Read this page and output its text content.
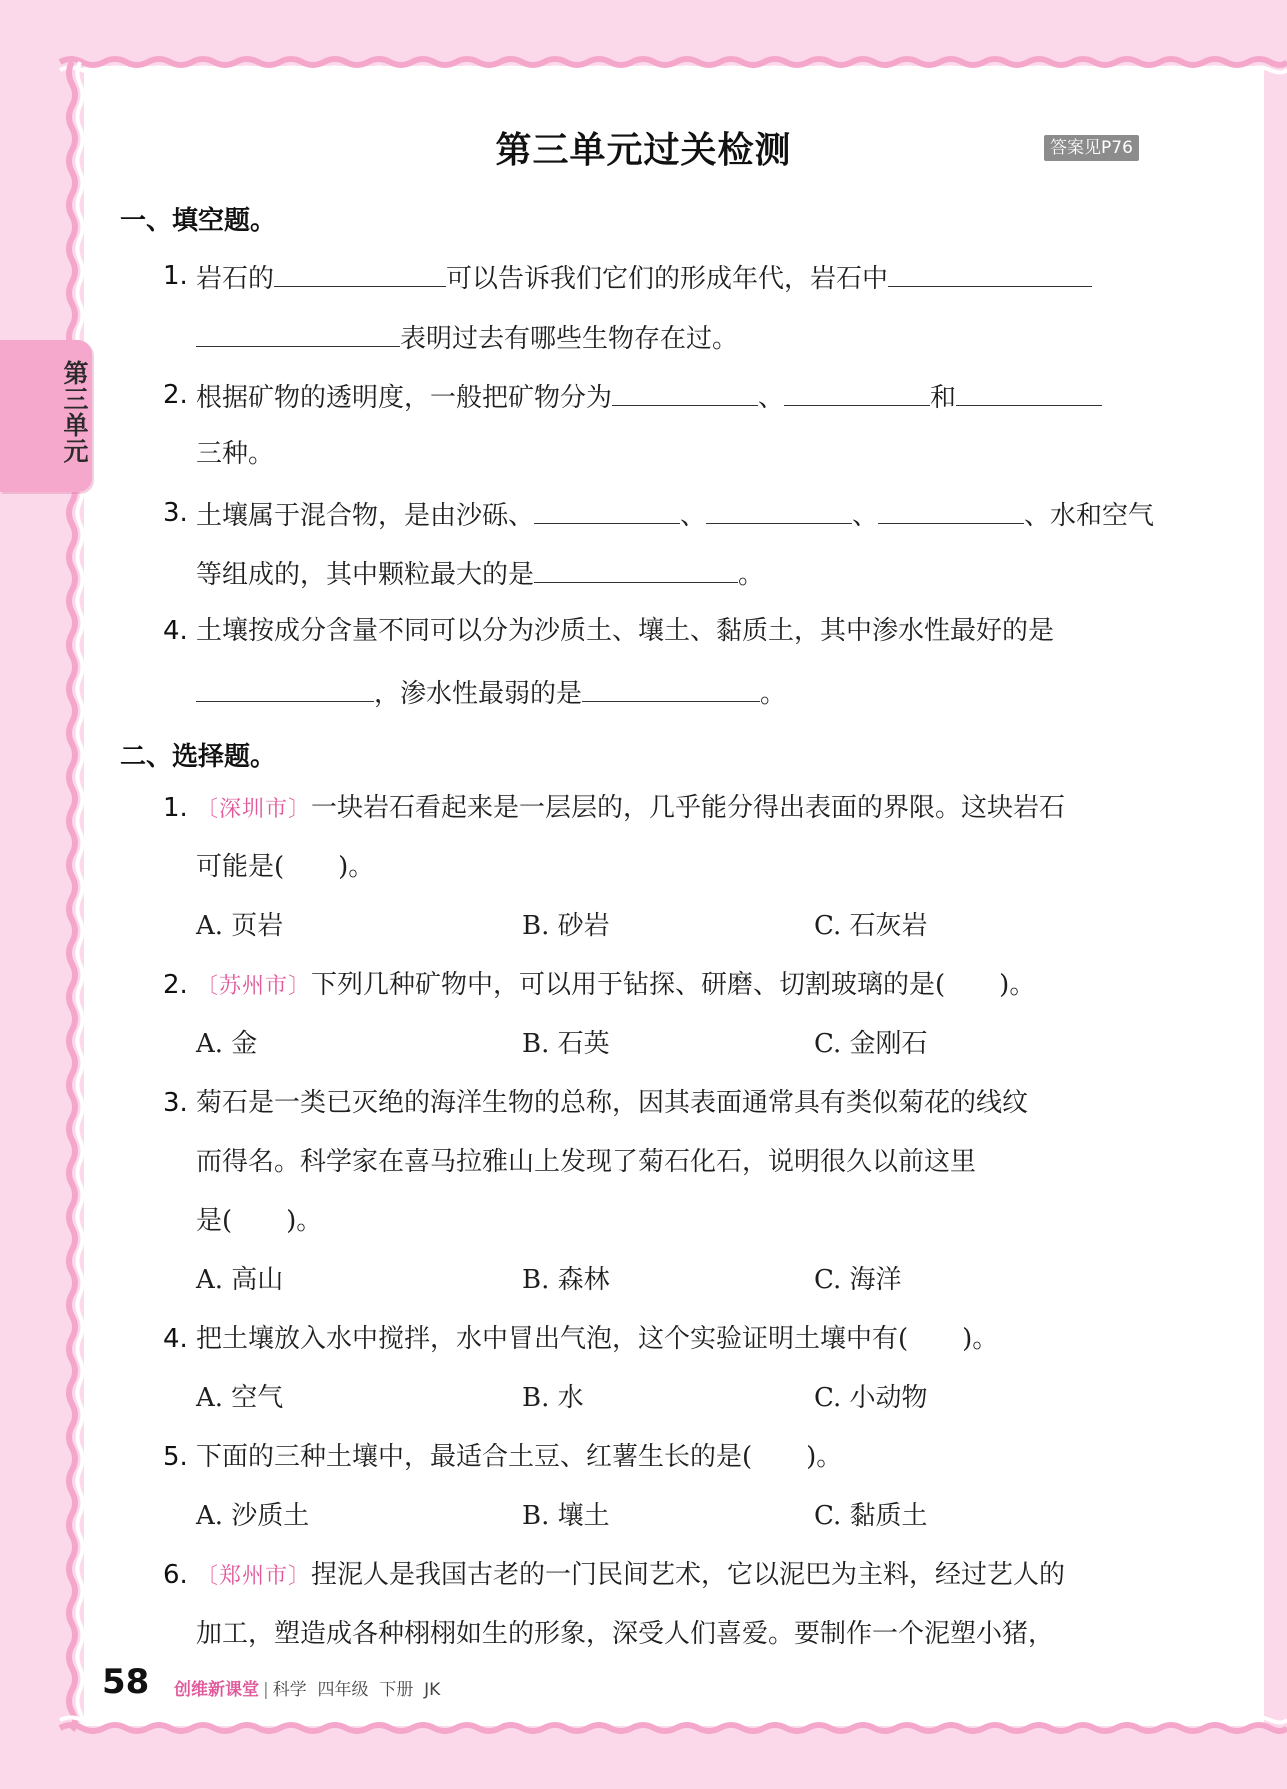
第三单元
第三单元过关检测	答案见P76
一、填空题。
1. 岩石的	可以告诉我们它们的形成年代，岩石中
表明过去有哪些生物存在过。
2. 根据矿物的透明度，一般把矿物分为	、	和
三种。
3. 土壤属于混合物，是由沙砾、	、	、	、水和空气
等组成的，其中颗粒最大的是	。
4. 土壤按成分含量不同可以分为沙质土、壤土、黏质土，其中渗水性最好的是
，渗水性最弱的是	。
二、选择题。
1. 〔深圳市〕一块岩石看起来是一层层的，几乎能分得出表面的界限。这块岩石
可能是( )。
A. 页岩	B. 砂岩	C. 石灰岩
2. 〔苏州市〕下列几种矿物中，可以用于钻探、研磨、切割玻璃的是( )。
A. 金	B. 石英	C. 金刚石
3. 菊石是一类已灭绝的海洋生物的总称，因其表面通常具有类似菊花的线纹
而得名。科学家在喜马拉雅山上发现了菊石化石，说明很久以前这里
是( )。
A. 高山	B. 森林	C. 海洋
4. 把土壤放入水中搅拌，水中冒出气泡，这个实验证明土壤中有( )。
A. 空气	B. 水	C. 小动物
5. 下面的三种土壤中，最适合土豆、红薯生长的是( )。
A. 沙质土	B. 壤土	C. 黏质土
6. 〔郑州市〕捏泥人是我国古老的一门民间艺术，它以泥巴为主料，经过艺人的
加工，塑造成各种栩栩如生的形象，深受人们喜爱。要制作一个泥塑小猪，
58 创维新课堂 | 科学 四年级 下册 JK
